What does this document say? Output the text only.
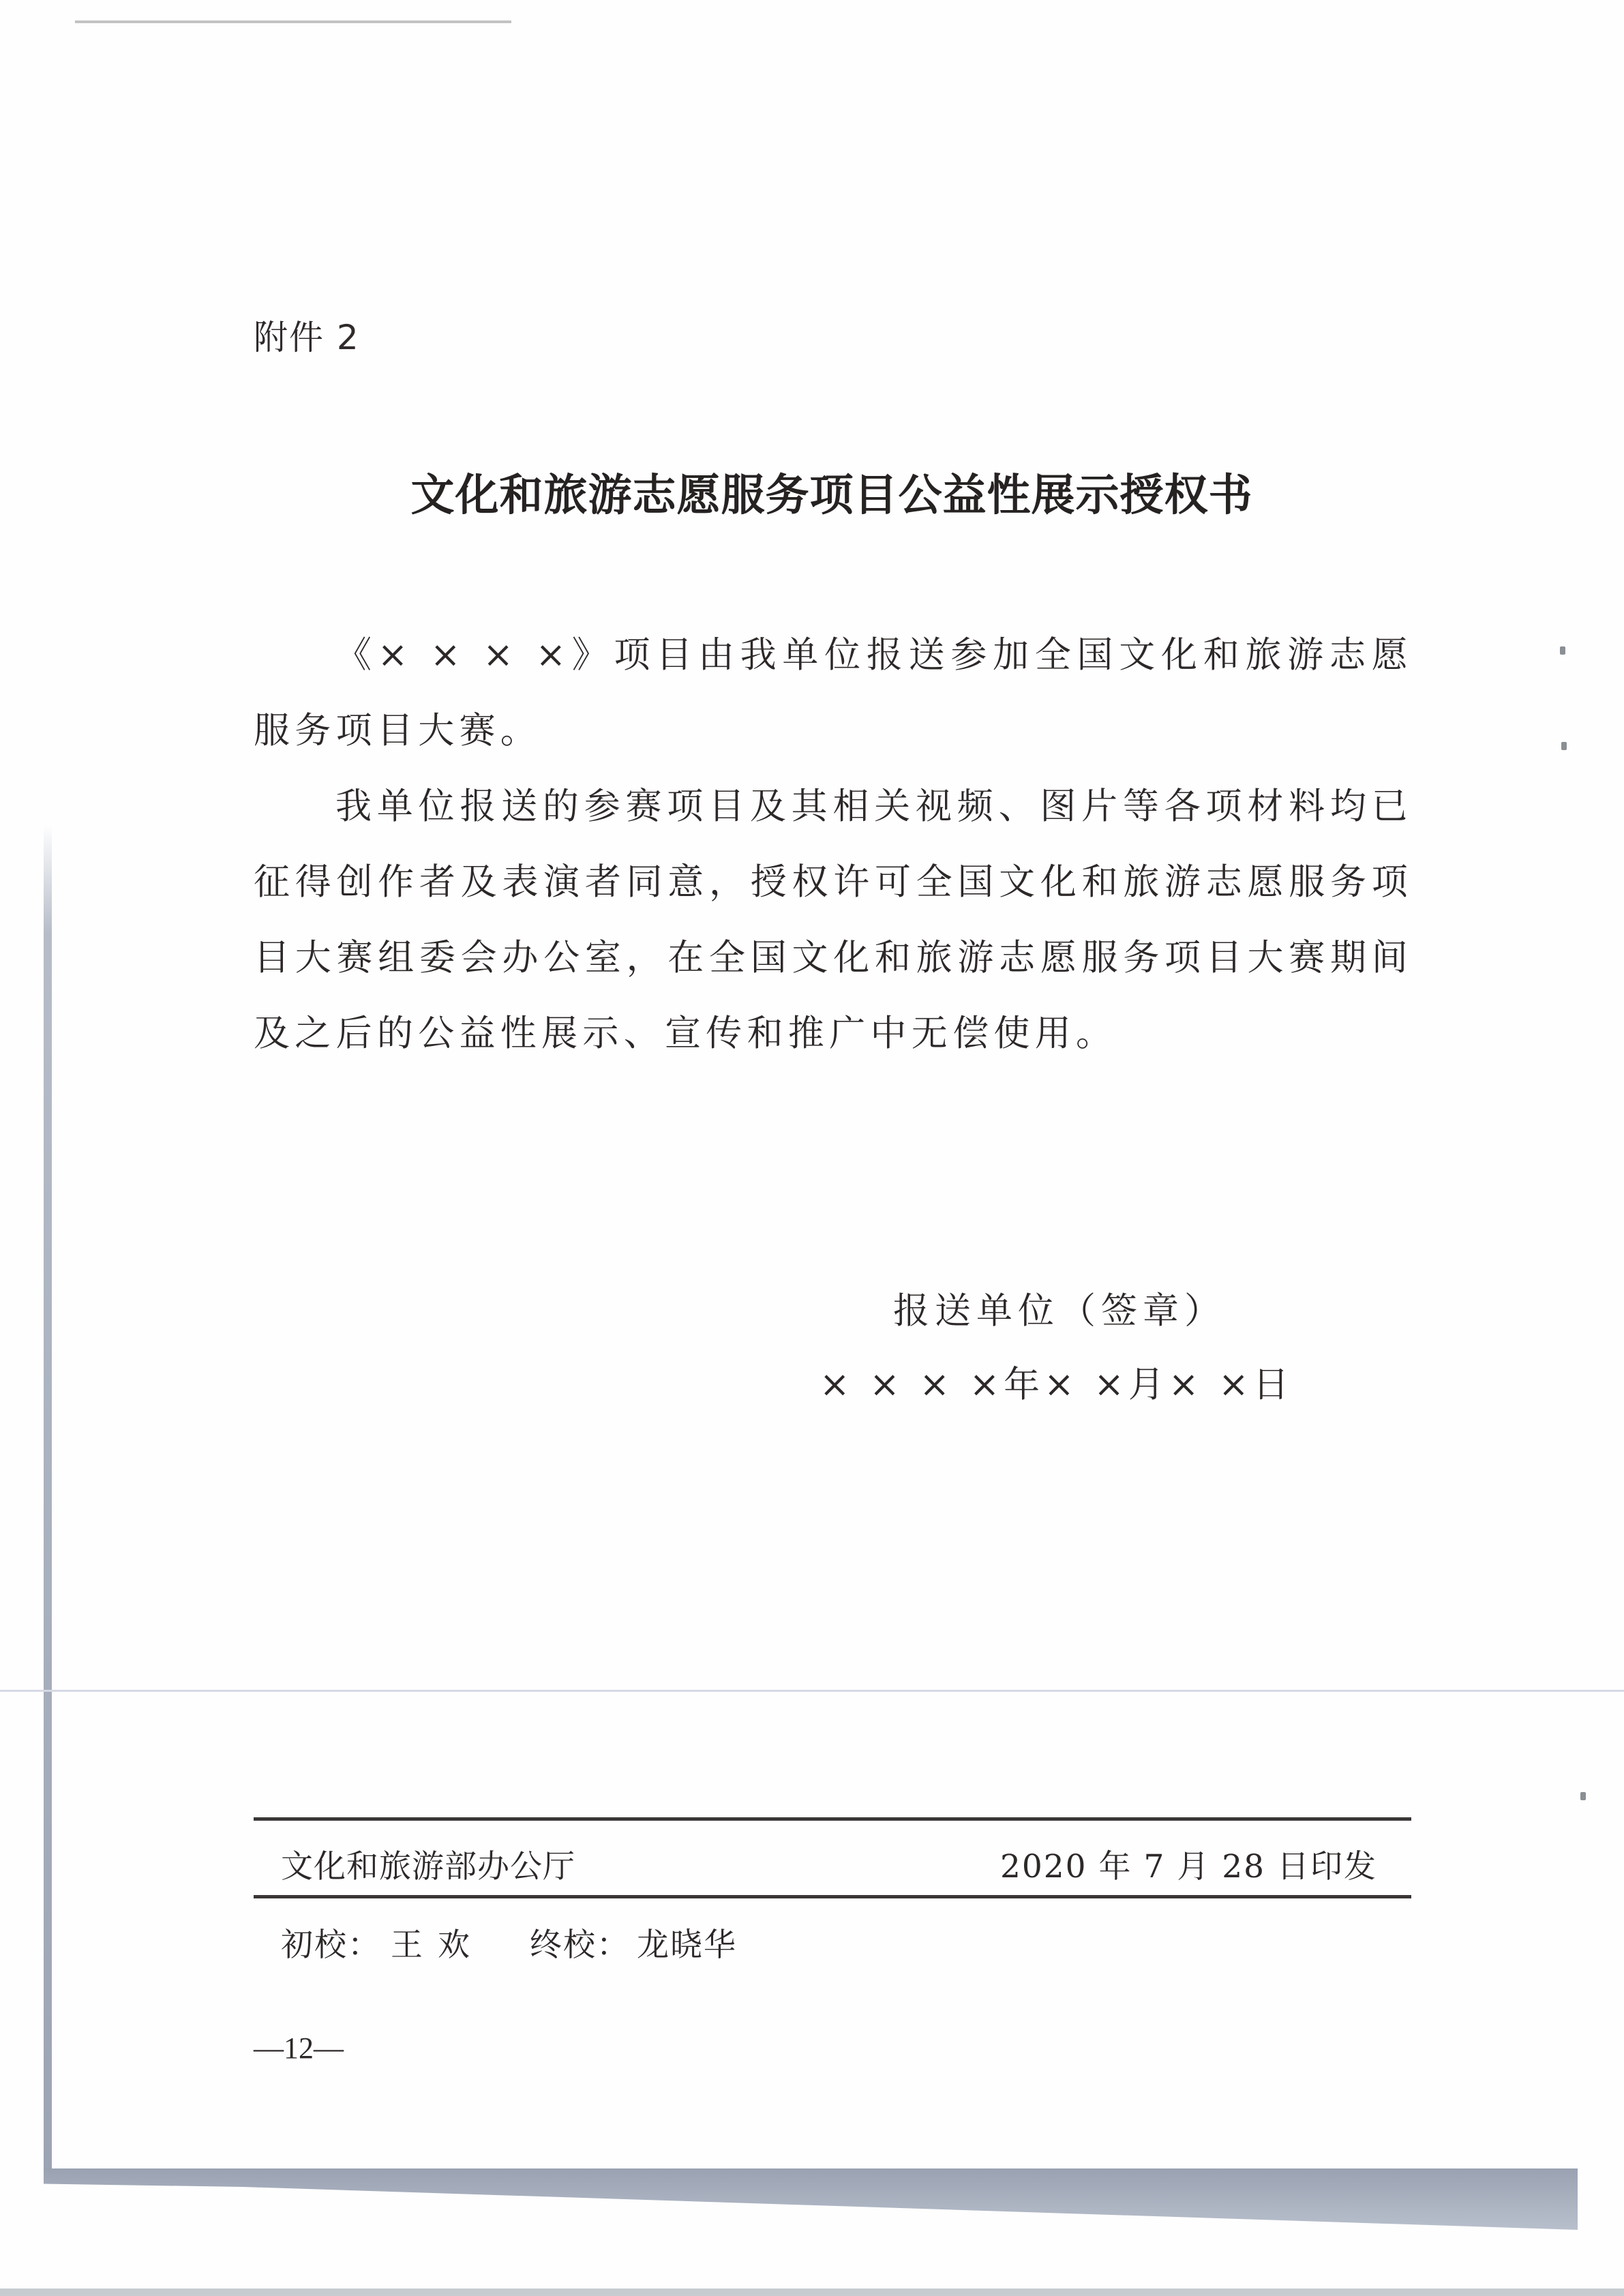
附件 2
文化和旅游志愿服务项目公益性展示授权书

《× × × ×》项目由我单位报送参加全国文化和旅游志愿服务项目大赛。

我单位报送的参赛项目及其相关视频、图片等各项材料均已征得创作者及表演者同意，授权许可全国文化和旅游志愿服务项目大赛组委会办公室，在全国文化和旅游志愿服务项目大赛期间及之后的公益性展示、宣传和推广中无偿使用。

报送单位（签章）
× × × ×年× ×月× ×日
文化和旅游部办公厅	2020 年 7 月 28 日印发
初校： 王欢 终校： 龙晓华
—12—
